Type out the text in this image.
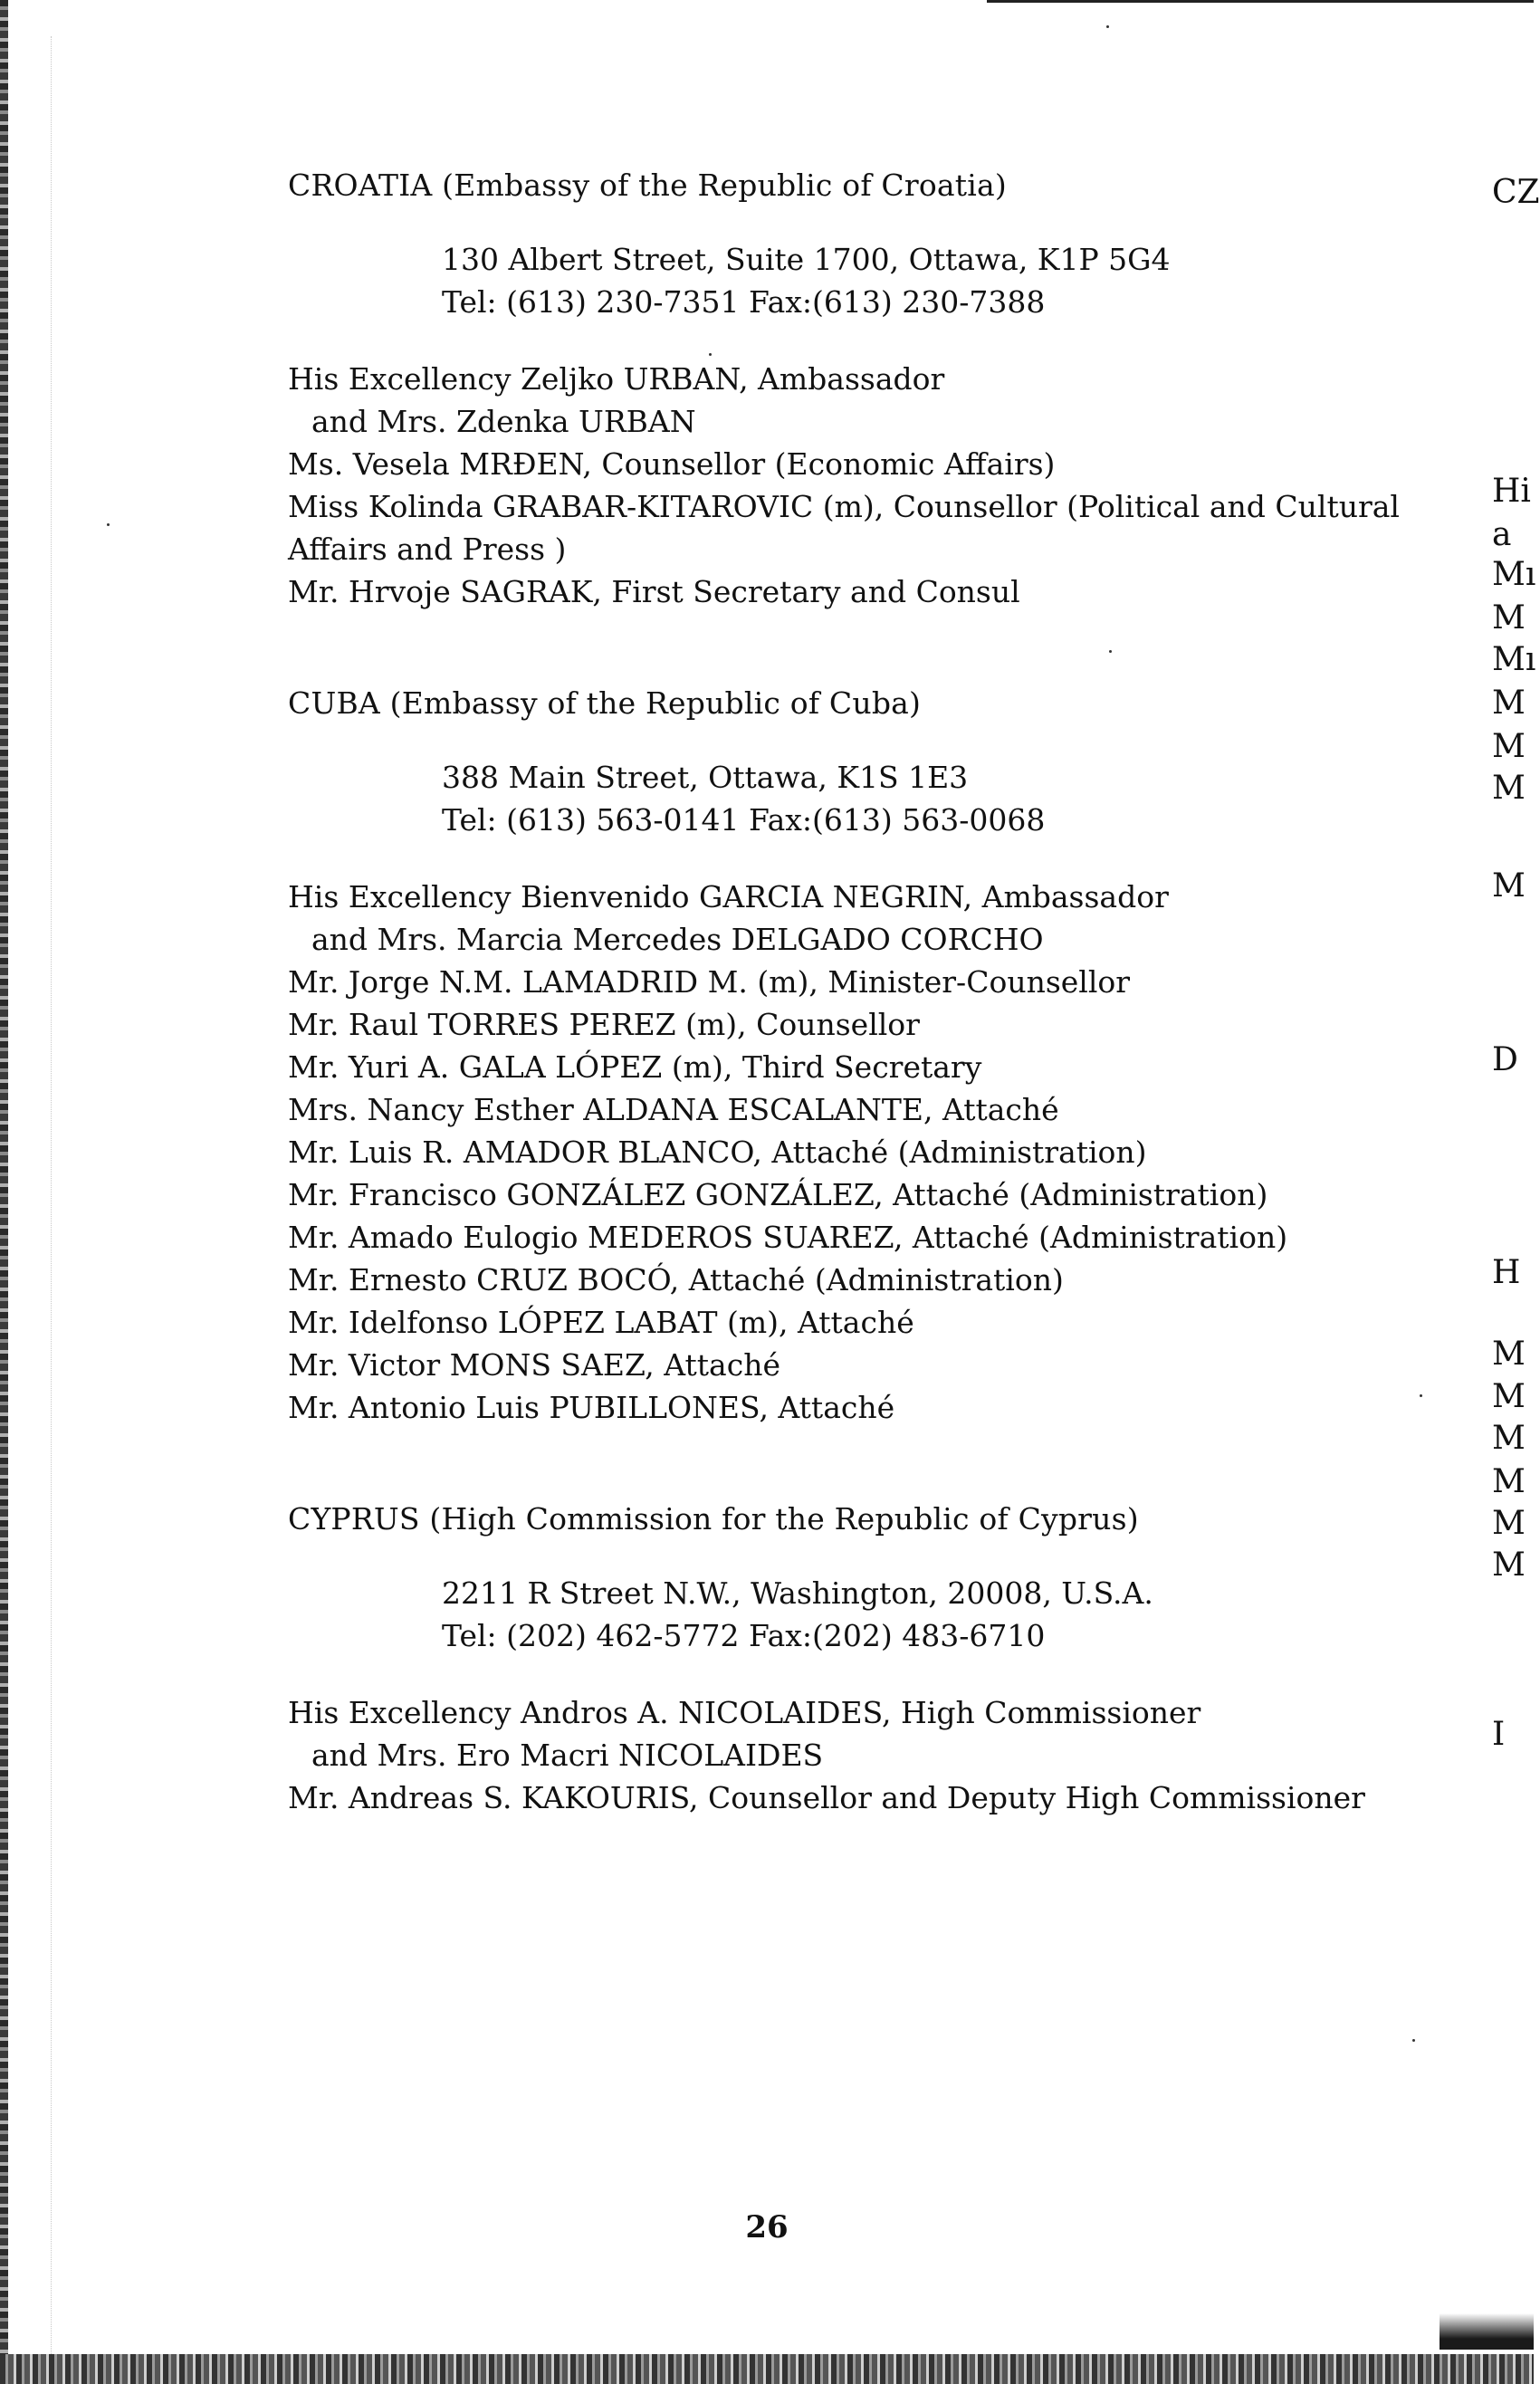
CROATIA (Embassy of the Republic of Croatia)
130 Albert Street, Suite 1700, Ottawa, K1P 5G4
Tel: (613) 230-7351 Fax:(613) 230-7388
His Excellency Zeljko URBAN, Ambassador
and Mrs. Zdenka URBAN
Ms. Vesela MRĐEN, Counsellor (Economic Affairs)
Miss Kolinda GRABAR-KITAROVIC (m), Counsellor (Political and Cultural
Affairs and Press )
Mr. Hrvoje SAGRAK, First Secretary and Consul
CUBA (Embassy of the Republic of Cuba)
388 Main Street, Ottawa, K1S 1E3
Tel: (613) 563-0141 Fax:(613) 563-0068
His Excellency Bienvenido GARCIA NEGRIN, Ambassador
and Mrs. Marcia Mercedes DELGADO CORCHO
Mr. Jorge N.M. LAMADRID M. (m), Minister-Counsellor
Mr. Raul TORRES PEREZ (m), Counsellor
Mr. Yuri A. GALA LÓPEZ (m), Third Secretary
Mrs. Nancy Esther ALDANA ESCALANTE, Attaché
Mr. Luis R. AMADOR BLANCO, Attaché (Administration)
Mr. Francisco GONZÁLEZ GONZÁLEZ, Attaché (Administration)
Mr. Amado Eulogio MEDEROS SUAREZ, Attaché (Administration)
Mr. Ernesto CRUZ BOCÓ, Attaché (Administration)
Mr. Idelfonso LÓPEZ LABAT (m), Attaché
Mr. Victor MONS SAEZ, Attaché
Mr. Antonio Luis PUBILLONES, Attaché
CYPRUS (High Commission for the Republic of Cyprus)
2211 R Street N.W., Washington, 20008, U.S.A.
Tel: (202) 462-5772 Fax:(202) 483-6710
His Excellency Andros A. NICOLAIDES, High Commissioner
and Mrs. Ero Macri NICOLAIDES
Mr. Andreas S. KAKOURIS, Counsellor and Deputy High Commissioner
CZ
Hi
a
Mı
M
Mı
M
M
M
M
D
H
M
M
M
M
M
M
I
26
